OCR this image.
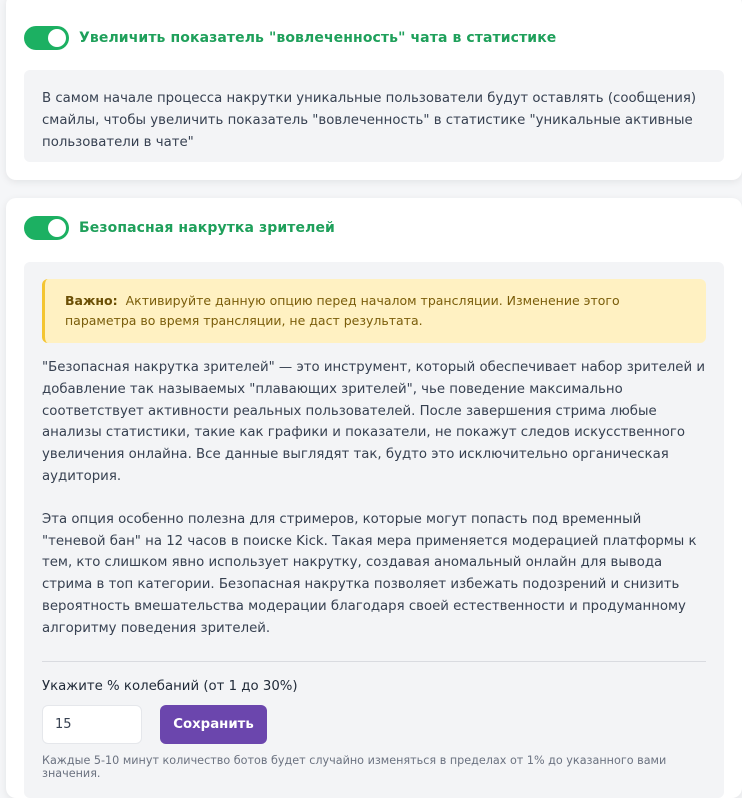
Увеличить показатель "вовлеченность" чата в статистике

В самом начале процесса накрутки уникальные пользователи будут оставлять (сообщения) смайлы, чтобы увеличить показатель "вовлеченность" в статистике "уникальные активные пользователи в чате"

Безопасная накрутка зрителей
Важно: Активируйте данную опцию перед началом трансляции. Изменение этого параметра во время трансляции, не даст результата.

"Безопасная накрутка зрителей" — это инструмент, который обеспечивает набор зрителей и добавление так называемых "плавающих зрителей", чье поведение максимально соответствует активности реальных пользователей. После завершения стрима любые анализы статистики, такие как графики и показатели, не покажут следов искусственного увеличения онлайна. Все данные выглядят так, будто это исключительно органическая аудитория.

Эта опция особенно полезна для стримеров, которые могут попасть под временный "теневой бан" на 12 часов в поиске Kick. Такая мера применяется модерацией платформы к тем, кто слишком явно использует накрутку, создавая аномальный онлайн для вывода стрима в топ категории. Безопасная накрутка позволяет избежать подозрений и снизить вероятность вмешательства модерации благодаря своей естественности и продуманному алгоритму поведения зрителей.

Укажите % колебаний (от 1 до 30%)
15
Сохранить
Каждые 5-10 минут количество ботов будет случайно изменяться в пределах от 1% до указанного вами значения.
